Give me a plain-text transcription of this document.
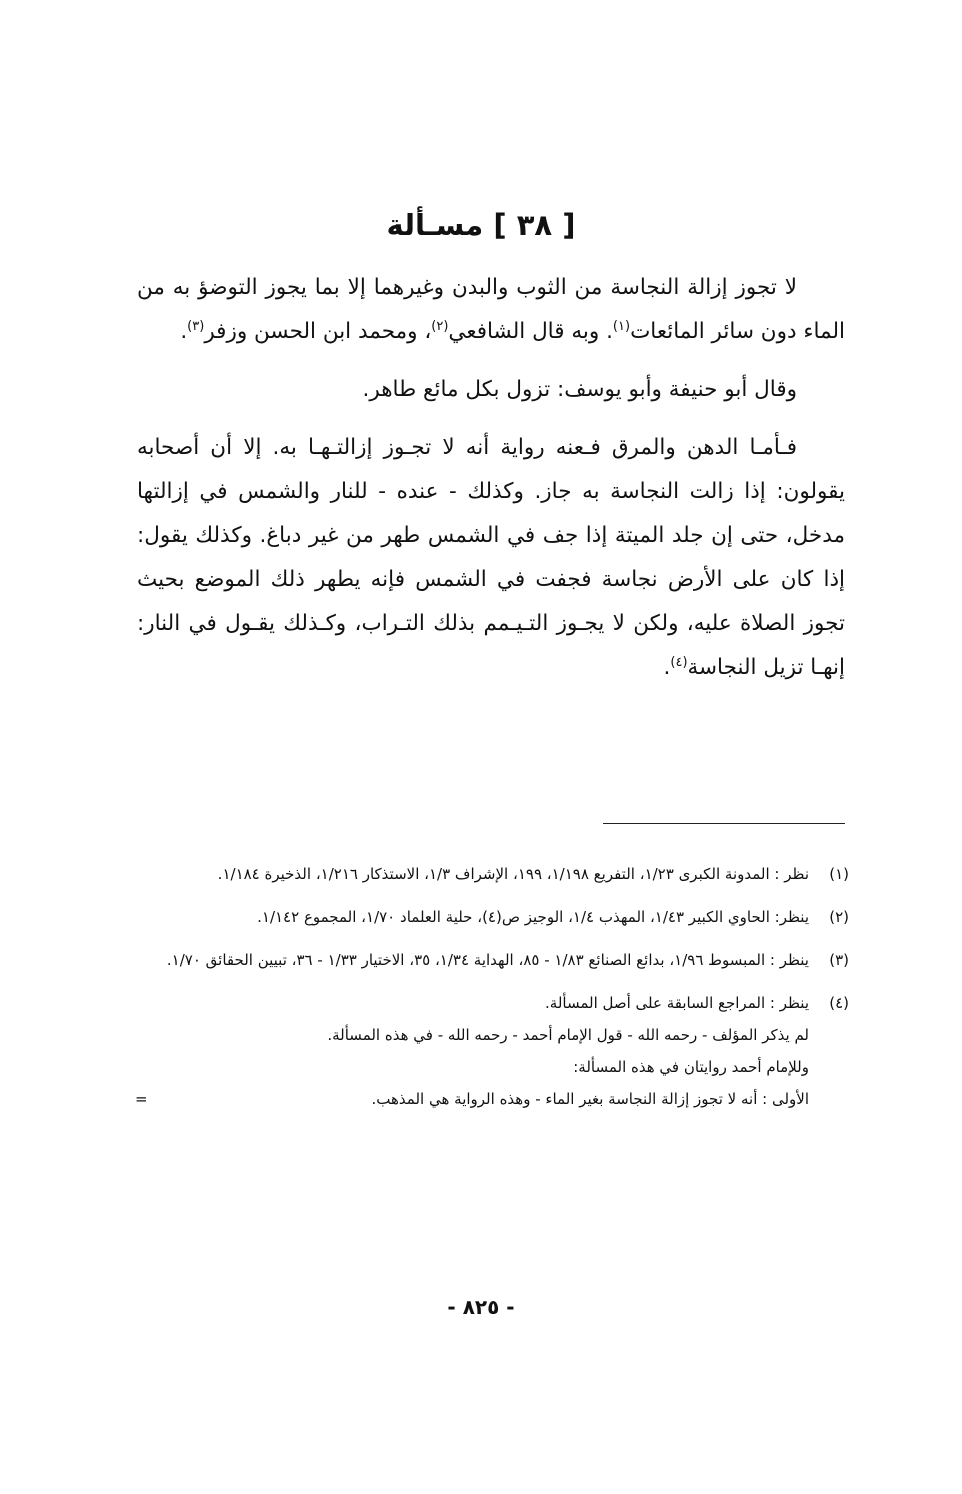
[ ٣٨ ] مسـألة

لا تجوز إزالة النجاسة من الثوب والبدن وغيرهما إلا بما يجوز التوضؤ به من الماء دون سائر المائعات$^{(١)}$. وبه قال الشافعي$^{(٢)}$، ومحمد ابن الحسن وزفر$^{(٣)}$.

وقال أبو حنيفة وأبو يوسف: تزول بكل مائع طاهر.

فـأمـا الدهن والمرق فـعنه رواية أنه لا تجـوز إزالتـهـا به. إلا أن أصحابه يقولون: إذا زالت النجاسة به جاز. وكذلك - عنده - للنار والشمس في إزالتها مدخل، حتى إن جلد الميتة إذا جف في الشمس طهر من غير دباغ. وكذلك يقول: إذا كان على الأرض نجاسة فجفت في الشمس فإنه يطهر ذلك الموضع بحيث تجوز الصلاة عليه، ولكن لا يجـوز التـيـمم بذلك التـراب، وكـذلك يقـول في النار: إنهـا تزيل النجاسة$^{(٤)}$.

(١)
نظر : المدونة الكبرى ١/٢٣، التفريع ١/١٩٨، ١٩٩، الإشراف ١/٣، الاستذكار ١/٢١٦، الذخيرة ١/١٨٤.
(٢)
ينظر: الحاوي الكبير ١/٤٣، المهذب ١/٤، الوجيز ص(٤)، حلية العلماد ١/٧٠، المجموع ١/١٤٢.
(٣)
ينظر : المبسوط ١/٩٦، بدائع الصنائع ١/٨٣ - ٨٥، الهداية ١/٣٤، ٣٥، الاختيار ١/٣٣ - ٣٦، تبيين الحقائق ١/٧٠.
(٤)
ينظر : المراجع السابقة على أصل المسألة.
لم يذكر المؤلف - رحمه الله - قول الإمام أحمد - رحمه الله - في هذه المسألة.
وللإمام أحمد روايتان في هذه المسألة:
الأولى : أنه لا تجوز إزالة النجاسة بغير الماء - وهذه الرواية هي المذهب.
=
- ٨٢٥ -
